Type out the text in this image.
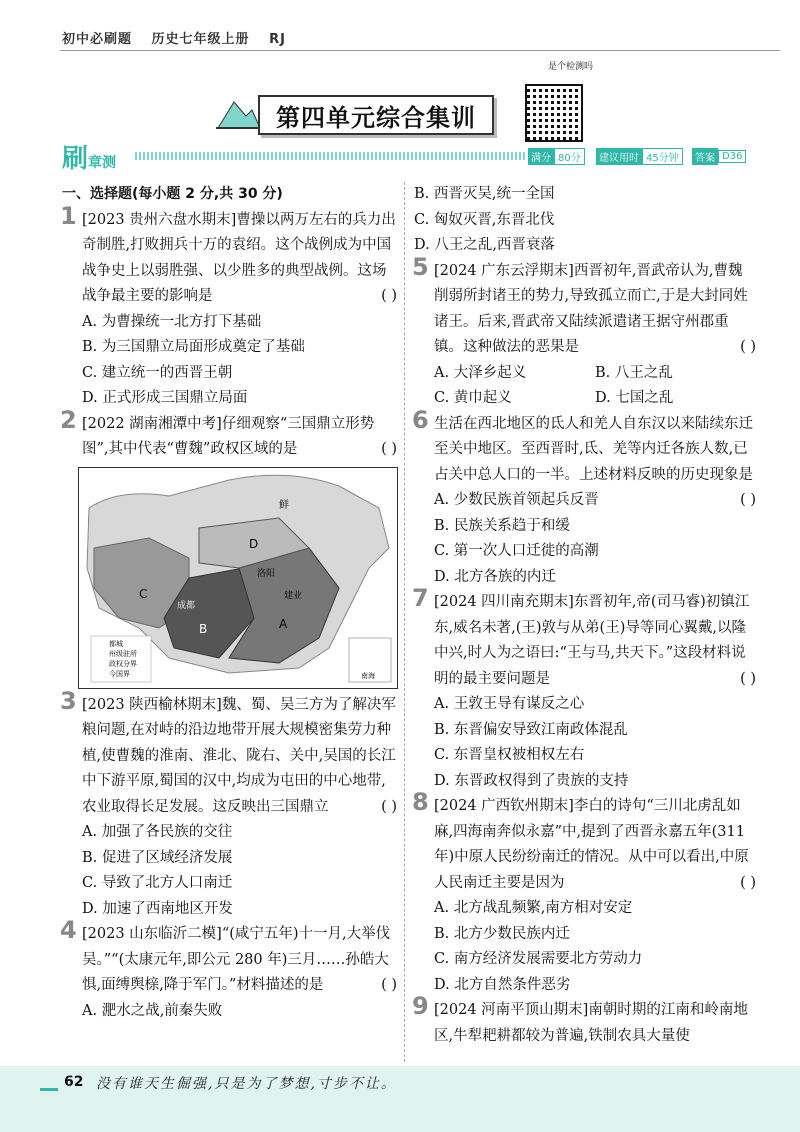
初中必刷题 历史七年级上册 RJ
第四单元综合集训
是个检测吗
刷章测	满分 80分	建议用时 45分钟	答案 D36
一、选择题(每小题 2 分,共 30 分)
1 [2023 贵州六盘水期末]曹操以两万左右的兵力出奇制胜,打败拥兵十万的袁绍。这个战例成为中国战争史上以弱胜强、以少胜多的典型战例。这场战争最主要的影响是	( )
A. 为曹操统一北方打下基础
B. 为三国鼎立局面形成奠定了基础
C. 建立统一的西晋王朝
D. 正式形成三国鼎立局面
2 [2022 湖南湘潭中考]仔细观察“三国鼎立形势图”,其中代表“曹魏”政权区域的是	( )
C
D
B	A
鲜
洛阳
成都
建业
都城
州级驻所
政权分界
今国界	南海
3 [2023 陕西榆林期末]魏、蜀、吴三方为了解决军粮问题,在对峙的沿边地带开展大规模密集劳力种植,使曹魏的淮南、淮北、陇右、关中,吴国的长江中下游平原,蜀国的汉中,均成为屯田的中心地带,农业取得长足发展。这反映出三国鼎立	( )
A. 加强了各民族的交往
B. 促进了区域经济发展
C. 导致了北方人口南迁
D. 加速了西南地区开发
4 [2023 山东临沂二模]“(咸宁五年)十一月,大举伐吴。”“(太康元年,即公元 280 年)三月……孙皓大惧,面缚舆榇,降于军门。”材料描述的是	( )
A. 淝水之战,前秦失败
B. 西晋灭吴,统一全国
C. 匈奴灭晋,东晋北伐
D. 八王之乱,西晋衰落
5 [2024 广东云浮期末]西晋初年,晋武帝认为,曹魏削弱所封诸王的势力,导致孤立而亡,于是大封同姓诸王。后来,晋武帝又陆续派遣诸王据守州郡重镇。这种做法的恶果是	( )
A. 大泽乡起义	B. 八王之乱
C. 黄巾起义	D. 七国之乱
6 生活在西北地区的氐人和羌人自东汉以来陆续东迁至关中地区。至西晋时,氐、羌等内迁各族人数,已占关中总人口的一半。上述材料反映的历史现象是
( )
A. 少数民族首领起兵反晋
B. 民族关系趋于和缓
C. 第一次人口迁徙的高潮
D. 北方各族的内迁
7 [2024 四川南充期末]东晋初年,帝(司马睿)初镇江东,威名未著,(王)敦与从弟(王)导等同心翼戴,以隆中兴,时人为之语曰:“王与马,共天下。”这段材料说明的最主要问题是	( )
A. 王敦王导有谋反之心
B. 东晋偏安导致江南政体混乱
C. 东晋皇权被相权左右
D. 东晋政权得到了贵族的支持
8 [2024 广西钦州期末]李白的诗句“三川北虏乱如麻,四海南奔似永嘉”中,提到了西晋永嘉五年(311 年)中原人民纷纷南迁的情况。从中可以看出,中原人民南迁主要是因为	( )
A. 北方战乱频繁,南方相对安定
B. 北方少数民族内迁
C. 南方经济发展需要北方劳动力
D. 北方自然条件恶劣
9 [2024 河南平顶山期末]南朝时期的江南和岭南地区,牛犁耙耕都较为普遍,铁制农具大量使
62 没有谁天生倔强,只是为了梦想,寸步不让。
